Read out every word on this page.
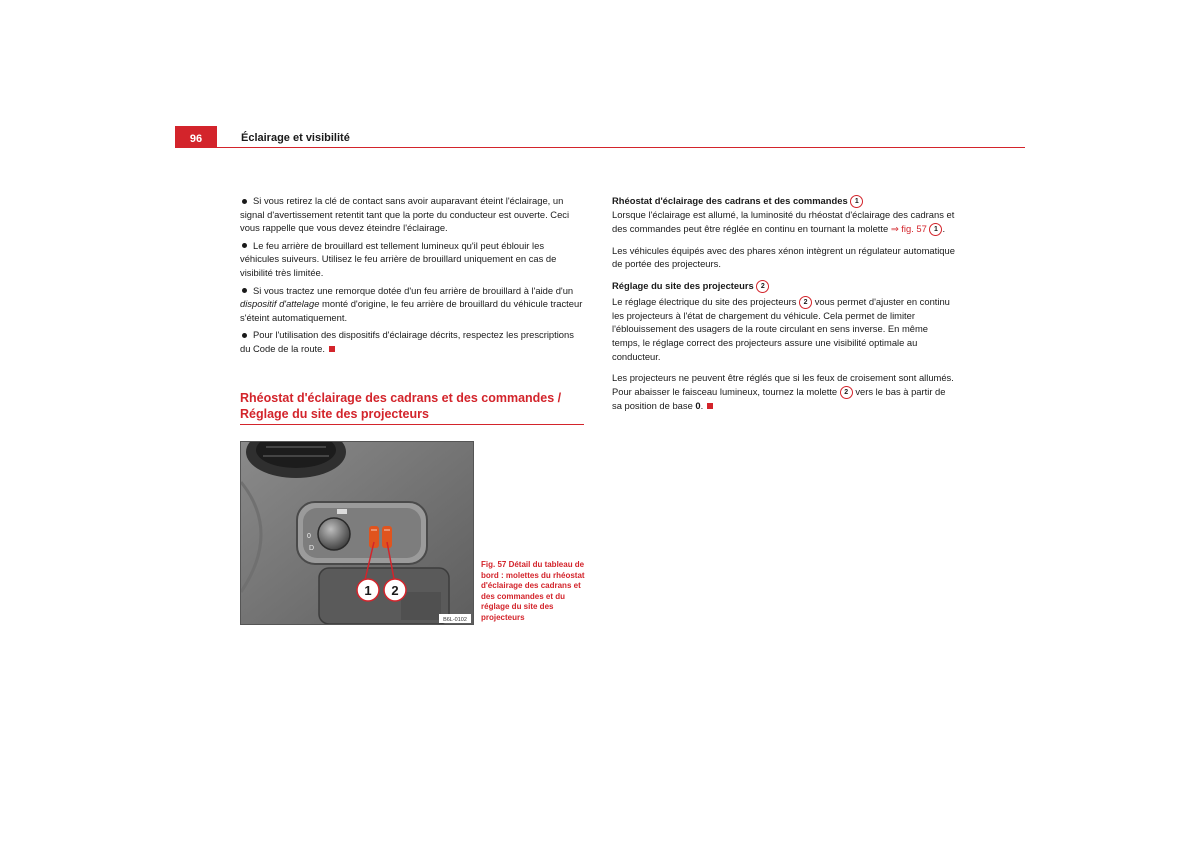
96	Éclairage et visibilité
Si vous retirez la clé de contact sans avoir auparavant éteint l'éclairage, un signal d'avertissement retentit tant que la porte du conducteur est ouverte. Ceci vous rappelle que vous devez éteindre l'éclairage.
Le feu arrière de brouillard est tellement lumineux qu'il peut éblouir les véhicules suiveurs. Utilisez le feu arrière de brouillard uniquement en cas de visibilité très limitée.
Si vous tractez une remorque dotée d'un feu arrière de brouillard à l'aide d'un dispositif d'attelage monté d'origine, le feu arrière de brouillard du véhicule tracteur s'éteint automatiquement.
Pour l'utilisation des dispositifs d'éclairage décrits, respectez les prescriptions du Code de la route.
Rhéostat d'éclairage des cadrans et des commandes /
Réglage du site des projecteurs
0
D
1 2
B6L-0102
Fig. 57 Détail du tableau de bord : molettes du rhéostat d'éclairage des cadrans et des commandes et du réglage du site des projecteurs
Rhéostat d'éclairage des cadrans et des commandes 1

Lorsque l'éclairage est allumé, la luminosité du rhéostat d'éclairage des cadrans et des commandes peut être réglée en continu en tournant la molette ⇒ fig. 57 1 .

Les véhicules équipés avec des phares xénon intègrent un régulateur automatique de portée des projecteurs.

Réglage du site des projecteurs 2

Le réglage électrique du site des projecteurs 2 vous permet d'ajuster en continu les projecteurs à l'état de chargement du véhicule. Cela permet de limiter l'éblouissement des usagers de la route circulant en sens inverse. En même temps, le réglage correct des projecteurs assure une visibilité optimale au conducteur.

Les projecteurs ne peuvent être réglés que si les feux de croisement sont allumés. Pour abaisser le faisceau lumineux, tournez la molette 2 vers le bas à partir de sa position de base 0.
